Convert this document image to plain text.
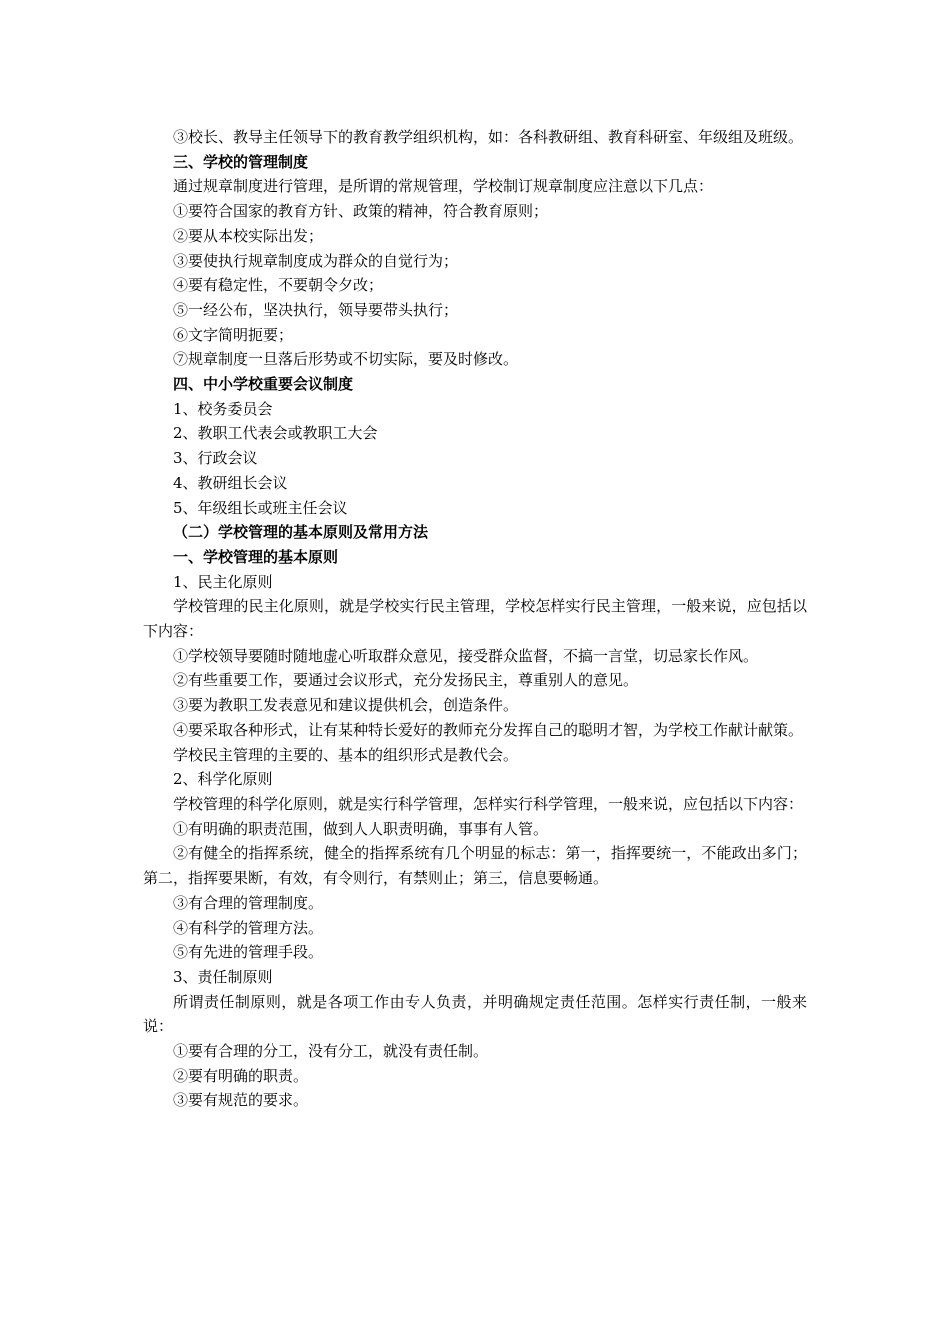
③校长、教导主任领导下的教育教学组织机构，如：各科教研组、教育科研室、年级组及班级。

三、学校的管理制度

通过规章制度进行管理，是所谓的常规管理，学校制订规章制度应注意以下几点：

①要符合国家的教育方针、政策的精神，符合教育原则；

②要从本校实际出发；

③要使执行规章制度成为群众的自觉行为；

④要有稳定性，不要朝令夕改；

⑤一经公布，坚决执行，领导要带头执行；

⑥文字简明扼要；

⑦规章制度一旦落后形势或不切实际，要及时修改。

四、中小学校重要会议制度

1、校务委员会

2、教职工代表会或教职工大会

3、行政会议

4、教研组长会议

5、年级组长或班主任会议

（二）学校管理的基本原则及常用方法

一、学校管理的基本原则

1、民主化原则

学校管理的民主化原则，就是学校实行民主管理，学校怎样实行民主管理，一般来说，应包括以下内容：

①学校领导要随时随地虚心听取群众意见，接受群众监督，不搞一言堂，切忌家长作风。

②有些重要工作，要通过会议形式，充分发扬民主，尊重别人的意见。

③要为教职工发表意见和建议提供机会，创造条件。

④要采取各种形式，让有某种特长爱好的教师充分发挥自己的聪明才智，为学校工作献计献策。

学校民主管理的主要的、基本的组织形式是教代会。

2、科学化原则

学校管理的科学化原则，就是实行科学管理，怎样实行科学管理，一般来说，应包括以下内容：

①有明确的职责范围，做到人人职责明确，事事有人管。

②有健全的指挥系统，健全的指挥系统有几个明显的标志：第一，指挥要统一，不能政出多门；第二，指挥要果断，有效，有令则行，有禁则止；第三，信息要畅通。

③有合理的管理制度。

④有科学的管理方法。

⑤有先进的管理手段。

3、责任制原则

所谓责任制原则，就是各项工作由专人负责，并明确规定责任范围。怎样实行责任制，一般来说：

①要有合理的分工，没有分工，就没有责任制。

②要有明确的职责。

③要有规范的要求。
